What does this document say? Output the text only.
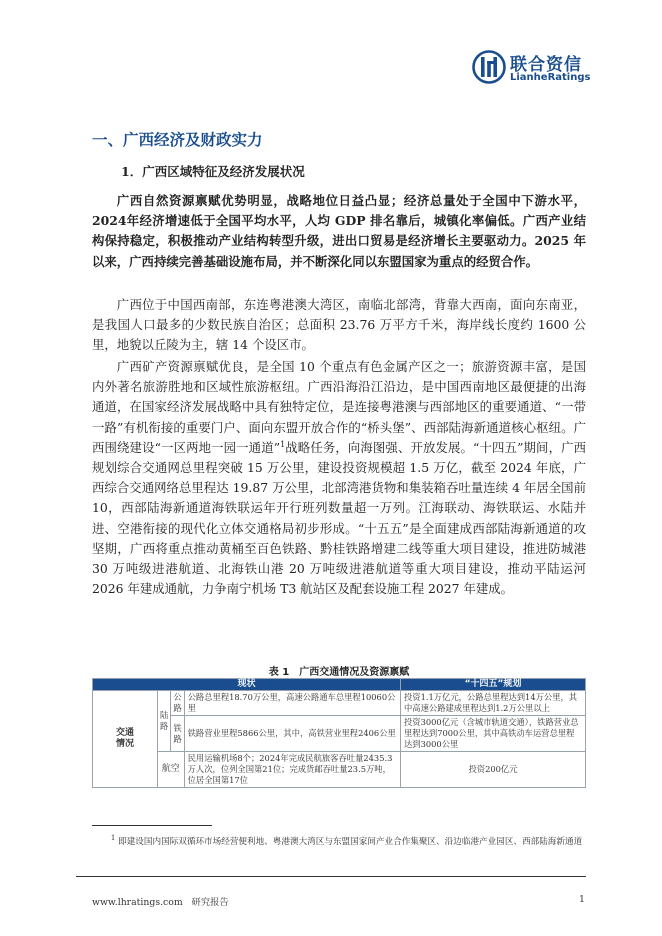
联合资信
LianheRatings
一、广西经济及财政实力
1．广西区域特征及经济发展状况
广西自然资源禀赋优势明显，战略地位日益凸显；经济总量处于全国中下游水平，2024年经济增速低于全国平均水平，人均 GDP 排名靠后，城镇化率偏低。广西产业结构保持稳定，积极推动产业结构转型升级，进出口贸易是经济增长主要驱动力。2025 年以来，广西持续完善基础设施布局，并不断深化同以东盟国家为重点的经贸合作。
广西位于中国西南部，东连粤港澳大湾区，南临北部湾，背靠大西南，面向东南亚，是我国人口最多的少数民族自治区；总面积 23.76 万平方千米，海岸线长度约 1600 公里，地貌以丘陵为主，辖 14 个设区市。
广西矿产资源禀赋优良，是全国 10 个重点有色金属产区之一；旅游资源丰富，是国内外著名旅游胜地和区域性旅游枢纽。广西沿海沿江沿边，是中国西南地区最便捷的出海通道，在国家经济发展战略中具有独特定位，是连接粤港澳与西部地区的重要通道、“一带一路”有机衔接的重要门户、面向东盟开放合作的“桥头堡”、西部陆海新通道核心枢纽。广西围绕建设“一区两地一园一通道”$^1$战略任务，向海图强、开放发展。“十四五”期间，广西规划综合交通网总里程突破 15 万公里，建设投资规模超 1.5 万亿，截至 2024 年底，广西综合交通网络总里程达 19.87 万公里，北部湾港货物和集装箱吞吐量连续 4 年居全国前 10，西部陆海新通道海铁联运年开行班列数量超一万列。江海联动、海铁联运、水陆并进、空港衔接的现代化立体交通格局初步形成。“十五五”是全面建成西部陆海新通道的攻坚期，广西将重点推动黄桶至百色铁路、黔桂铁路增建二线等重大项目建设，推进防城港 30 万吨级进港航道、北海铁山港 20 万吨级进港航道等重大项目建设，推动平陆运河 2026 年建成通航，力争南宁机场 T3 航站区及配套设施工程 2027 年建成。
表 1　广西交通情况及资源禀赋
现状				“十四五”规划
交通情况	陆路	公路	公路总里程18.70万公里，高速公路通车总里程10060公里	投资1.1万亿元，公路总里程达到14万公里，其中高速公路建成里程达到1.2万公里以上
		铁路	铁路营业里程5866公里，其中，高铁营业里程2406公里	投资3000亿元（含城市轨道交通），铁路营业总里程达到7000公里，其中高铁动车运营总里程达到3000公里
	航空		民用运输机场8个；2024年完成民航旅客吞吐量2435.3万人次，位列全国第21位；完成货邮吞吐量23.5万吨，位居全国第17位	投资200亿元
$^1$ 即建设国内国际双循环市场经营便利地、粤港澳大湾区与东盟国家间产业合作集聚区、沿边临港产业园区、西部陆海新通道
www.lhratings.com 研究报告	1
